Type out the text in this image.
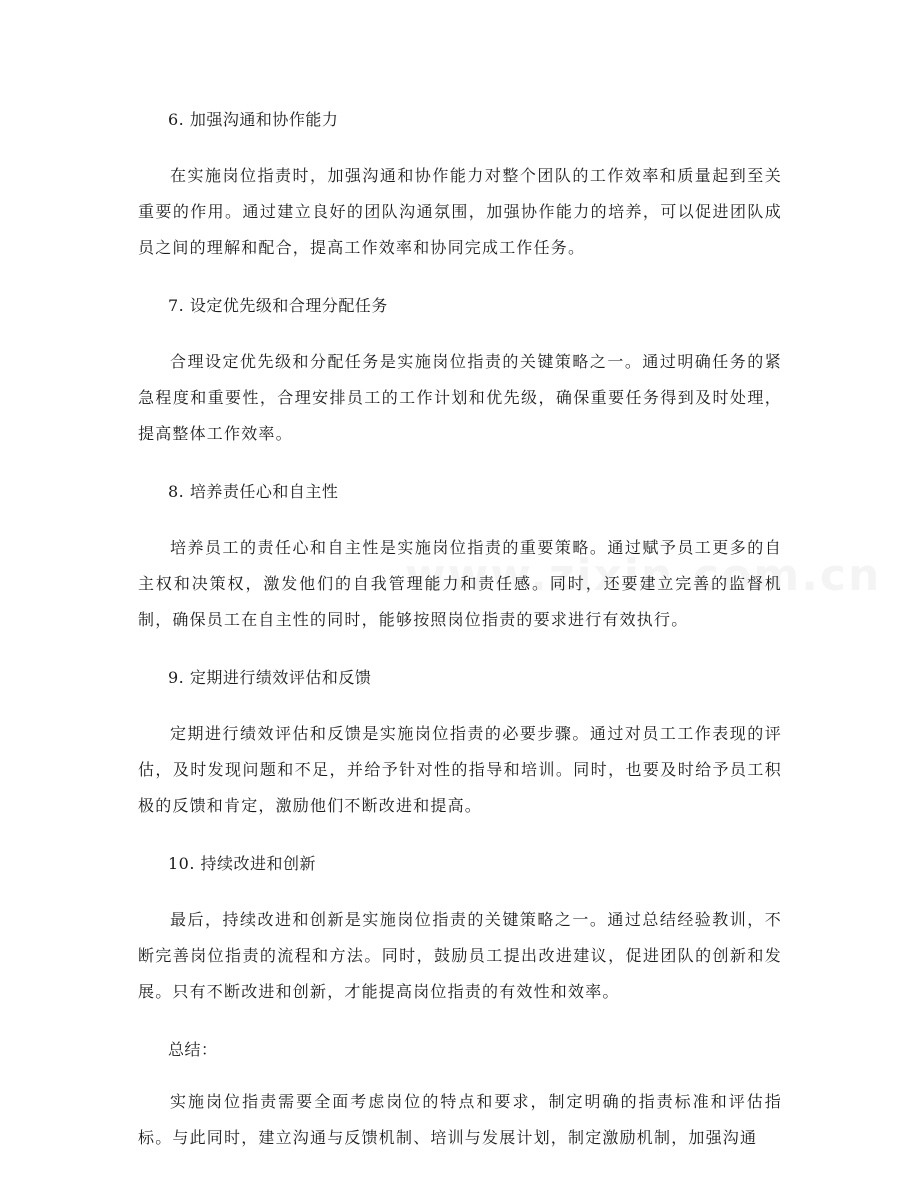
6. 加强沟通和协作能力
在实施岗位指责时，加强沟通和协作能力对整个团队的工作效率和质量起到至关重要的作用。通过建立良好的团队沟通氛围，加强协作能力的培养，可以促进团队成员之间的理解和配合，提高工作效率和协同完成工作任务。
7. 设定优先级和合理分配任务
合理设定优先级和分配任务是实施岗位指责的关键策略之一。通过明确任务的紧急程度和重要性，合理安排员工的工作计划和优先级，确保重要任务得到及时处理，提高整体工作效率。
8. 培养责任心和自主性
培养员工的责任心和自主性是实施岗位指责的重要策略。通过赋予员工更多的自主权和决策权，激发他们的自我管理能力和责任感。同时，还要建立完善的监督机制，确保员工在自主性的同时，能够按照岗位指责的要求进行有效执行。
9. 定期进行绩效评估和反馈
定期进行绩效评估和反馈是实施岗位指责的必要步骤。通过对员工工作表现的评估，及时发现问题和不足，并给予针对性的指导和培训。同时，也要及时给予员工积极的反馈和肯定，激励他们不断改进和提高。
10. 持续改进和创新
最后，持续改进和创新是实施岗位指责的关键策略之一。通过总结经验教训，不断完善岗位指责的流程和方法。同时，鼓励员工提出改进建议，促进团队的创新和发展。只有不断改进和创新，才能提高岗位指责的有效性和效率。
总结：
实施岗位指责需要全面考虑岗位的特点和要求，制定明确的指责标准和评估指标。与此同时，建立沟通与反馈机制、培训与发展计划，制定激励机制，加强沟通
